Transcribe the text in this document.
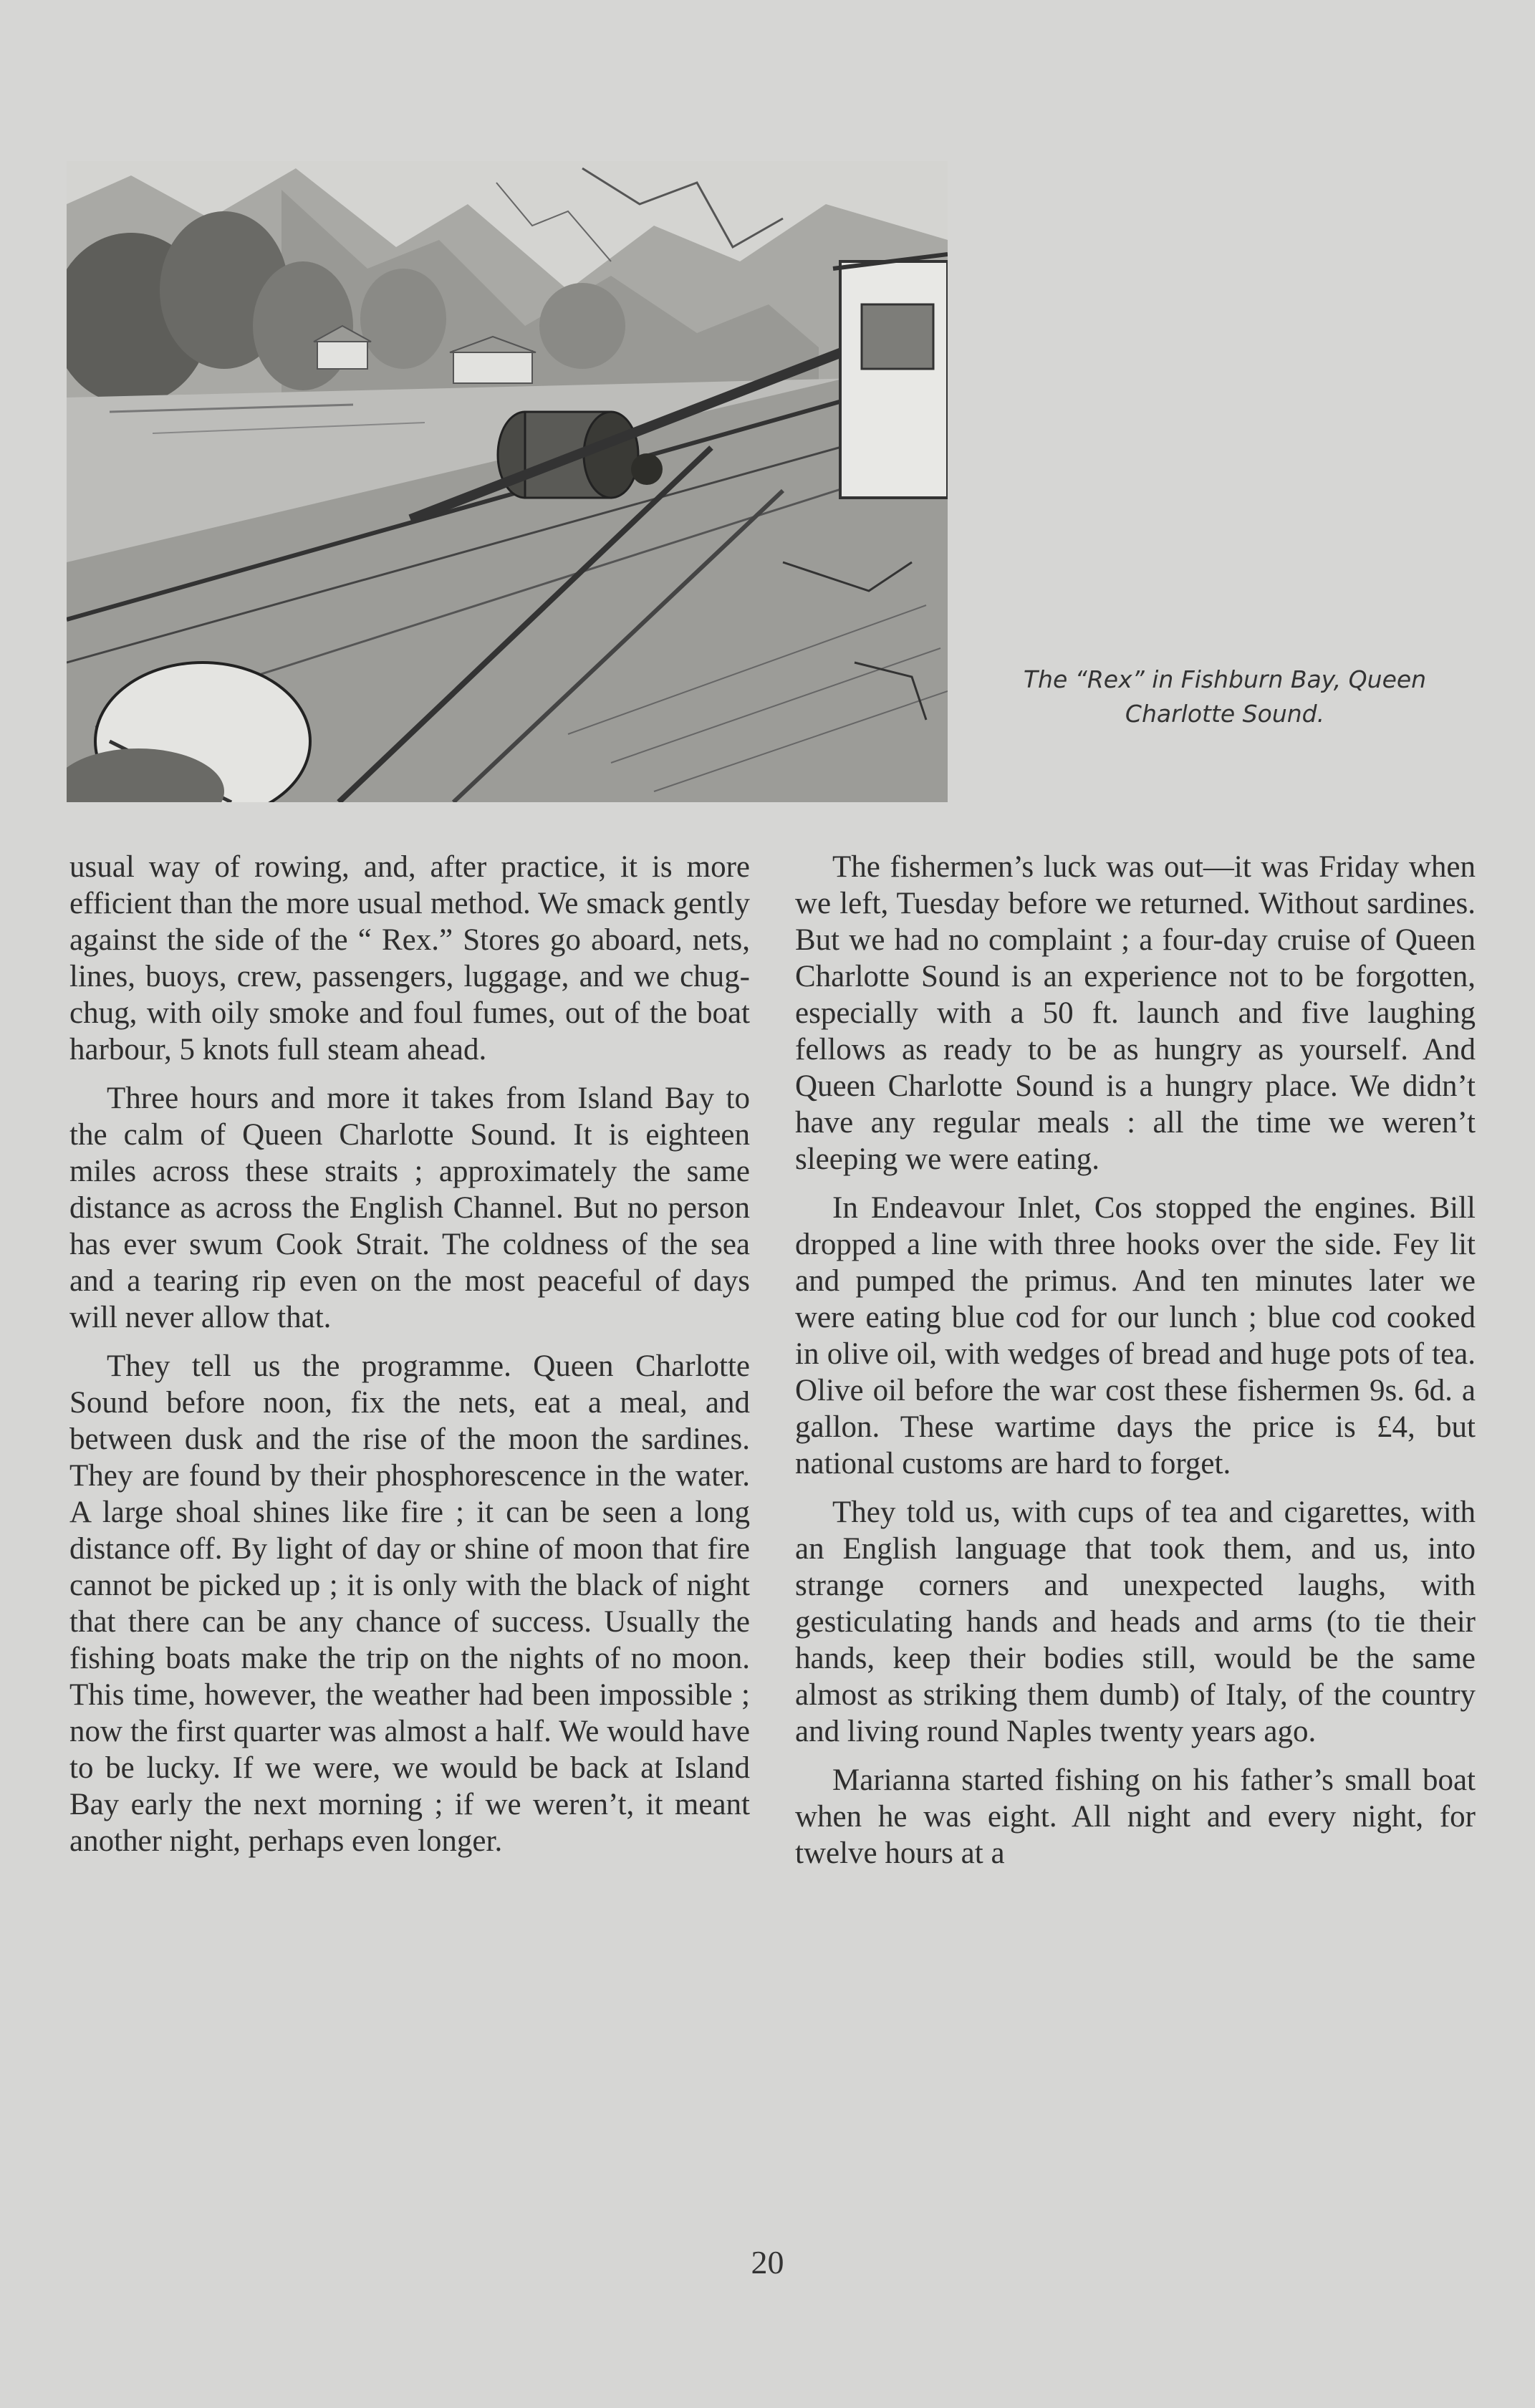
The “Rex” in Fishburn Bay, Queen
Charlotte Sound.

usual way of rowing, and, after practice, it is more efficient than the more usual method. We smack gently against the side of the “ Rex.” Stores go aboard, nets, lines, buoys, crew, passengers, luggage, and we chug-chug, with oily smoke and foul fumes, out of the boat harbour, 5 knots full steam ahead.

Three hours and more it takes from Island Bay to the calm of Queen Charlotte Sound. It is eighteen miles across these straits ; approximately the same distance as across the English Channel. But no person has ever swum Cook Strait. The coldness of the sea and a tearing rip even on the most peaceful of days will never allow that.

They tell us the programme. Queen Charlotte Sound before noon, fix the nets, eat a meal, and between dusk and the rise of the moon the sardines. They are found by their phosphorescence in the water. A large shoal shines like fire ; it can be seen a long distance off. By light of day or shine of moon that fire cannot be picked up ; it is only with the black of night that there can be any chance of success. Usually the fishing boats make the trip on the nights of no moon. This time, however, the weather had been impossible ; now the first quarter was almost a half. We would have to be lucky. If we were, we would be back at Island Bay early the next morning ; if we weren’t, it meant another night, perhaps even longer.

The fishermen’s luck was out—it was Friday when we left, Tuesday before we returned. Without sardines. But we had no complaint ; a four-day cruise of Queen Charlotte Sound is an experience not to be forgotten, especially with a 50 ft. launch and five laughing fellows as ready to be as hungry as yourself. And Queen Charlotte Sound is a hungry place. We didn’t have any regular meals : all the time we weren’t sleeping we were eating.

In Endeavour Inlet, Cos stopped the engines. Bill dropped a line with three hooks over the side. Fey lit and pumped the primus. And ten minutes later we were eating blue cod for our lunch ; blue cod cooked in olive oil, with wedges of bread and huge pots of tea. Olive oil before the war cost these fishermen 9s. 6d. a gallon. These wartime days the price is £4, but national customs are hard to forget.

They told us, with cups of tea and cigarettes, with an English language that took them, and us, into strange corners and unexpected laughs, with gesticulating hands and heads and arms (to tie their hands, keep their bodies still, would be the same almost as striking them dumb) of Italy, of the country and living round Naples twenty years ago.

Marianna started fishing on his father’s small boat when he was eight. All night and every night, for twelve hours at a

20
